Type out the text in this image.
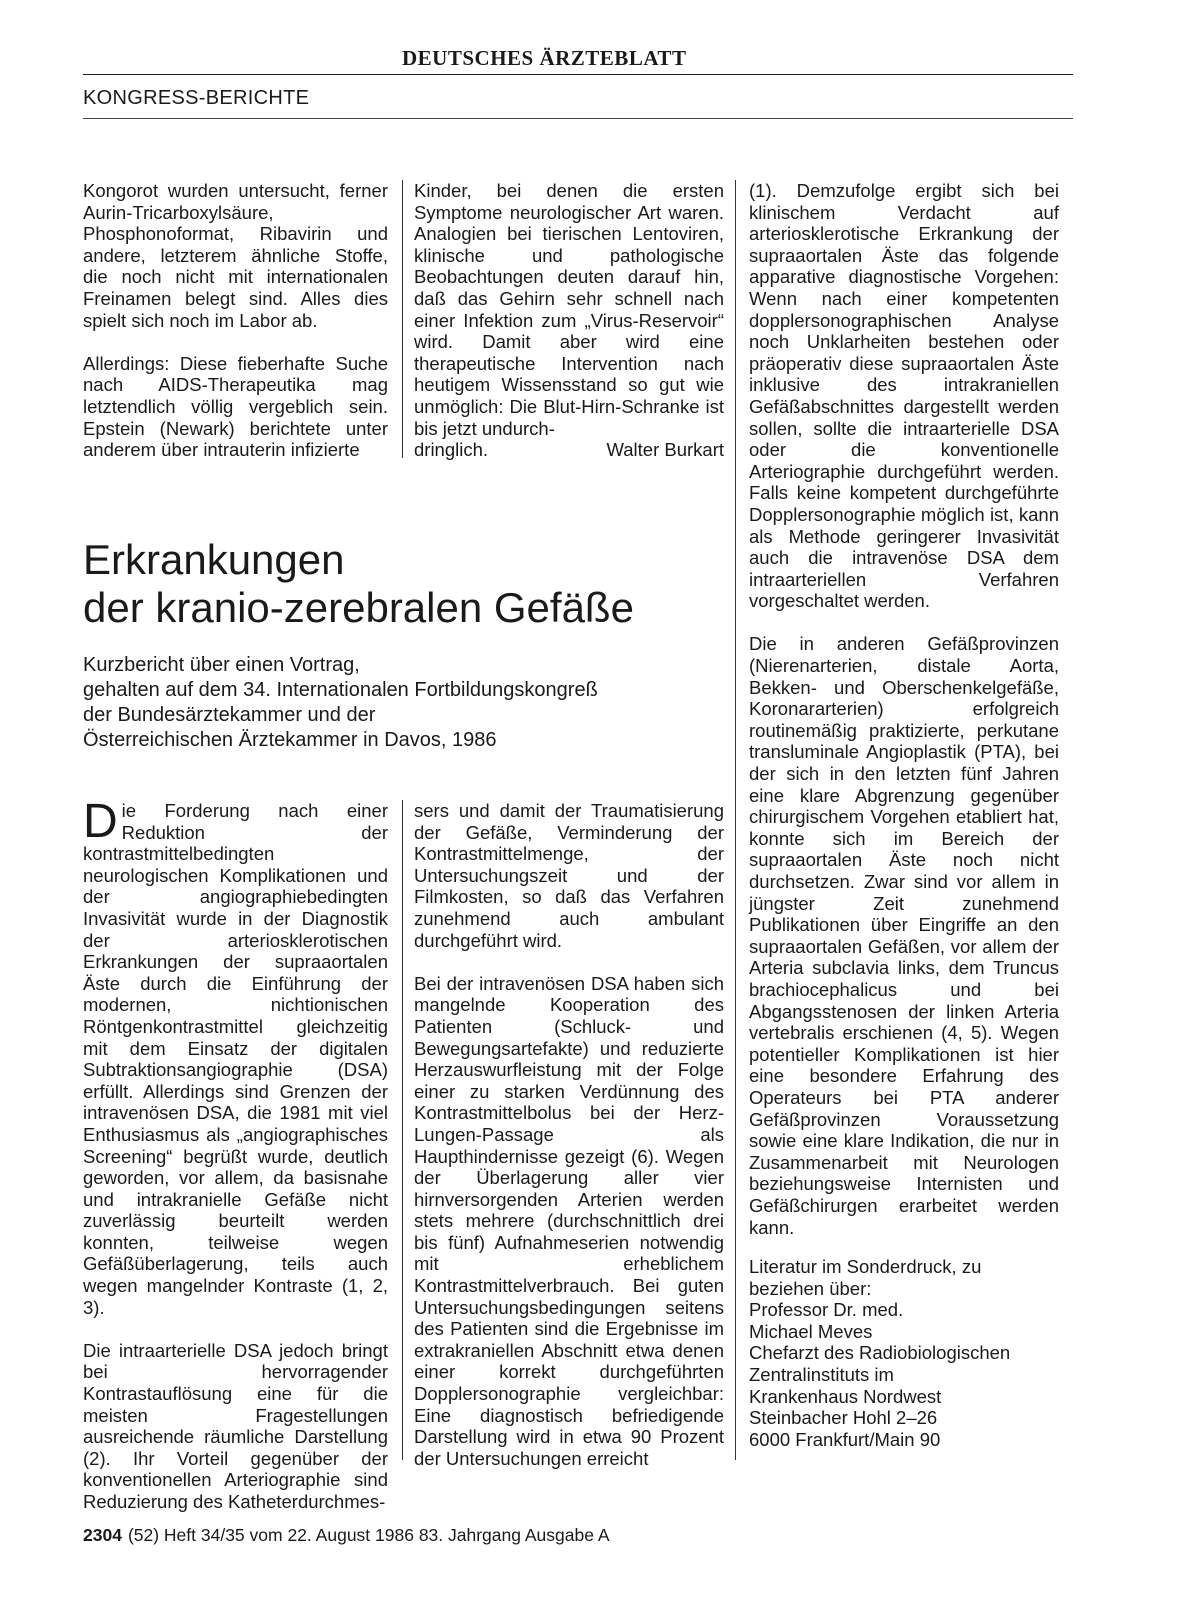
DEUTSCHES ÄRZTEBLATT
KONGRESS-BERICHTE

Kongorot wurden untersucht, ferner Aurin-Tricarboxylsäure, Phosphonoformat, Ribavirin und andere, letzterem ähnliche Stoffe, die noch nicht mit internationalen Freinamen belegt sind. Alles dies spielt sich noch im Labor ab.

Allerdings: Diese fieberhafte Suche nach AIDS-Therapeutika mag letztendlich völlig vergeblich sein. Epstein (Newark) berichtete unter anderem über intrauterin infizierte

Kinder, bei denen die ersten Symptome neurologischer Art waren. Analogien bei tierischen Lentoviren, klinische und pathologische Beobachtungen deuten darauf hin, daß das Gehirn sehr schnell nach einer Infektion zum „Virus-Reservoir“ wird. Damit aber wird eine therapeutische Intervention nach heutigem Wissensstand so gut wie unmöglich: Die Blut-Hirn-Schranke ist bis jetzt undurch-

dringlich.	Walter Burkart
Erkrankungen
der kranio-zerebralen Gefäße
Kurzbericht über einen Vortrag,
gehalten auf dem 34. Internationalen Fortbildungskongreß
der Bundesärztekammer und der
Österreichischen Ärztekammer in Davos, 1986

Die Forderung nach einer Reduktion der kontrastmittelbedingten neurologischen Komplikationen und der angiographiebedingten Invasivität wurde in der Diagnostik der arteriosklerotischen Erkrankungen der supraaortalen Äste durch die Einführung der modernen, nichtionischen Röntgenkontrastmittel gleichzeitig mit dem Einsatz der digitalen Subtraktionsangiographie (DSA) erfüllt. Allerdings sind Grenzen der intravenösen DSA, die 1981 mit viel Enthusiasmus als „angiographisches Screening“ begrüßt wurde, deutlich geworden, vor allem, da basisnahe und intrakranielle Gefäße nicht zuverlässig beurteilt werden konnten, teilweise wegen Gefäßüberlagerung, teils auch wegen mangelnder Kontraste (1, 2, 3).

Die intraarterielle DSA jedoch bringt bei hervorragender Kontrastauflösung eine für die meisten Fragestellungen ausreichende räumliche Darstellung (2). Ihr Vorteil gegenüber der konventionellen Arteriographie sind Reduzierung des Katheterdurchmes-

sers und damit der Traumatisierung der Gefäße, Verminderung der Kontrastmittelmenge, der Untersuchungszeit und der Filmkosten, so daß das Verfahren zunehmend auch ambulant durchgeführt wird.

Bei der intravenösen DSA haben sich mangelnde Kooperation des Patienten (Schluck- und Bewegungsartefakte) und reduzierte Herzauswurfleistung mit der Folge einer zu starken Verdünnung des Kontrastmittelbolus bei der Herz-Lungen-Passage als Haupthindernisse gezeigt (6). Wegen der Überlagerung aller vier hirnversorgenden Arterien werden stets mehrere (durchschnittlich drei bis fünf) Aufnahmeserien notwendig mit erheblichem Kontrastmittelverbrauch. Bei guten Untersuchungsbedingungen seitens des Patienten sind die Ergebnisse im extrakraniellen Abschnitt etwa denen einer korrekt durchgeführten Dopplersonographie vergleichbar: Eine diagnostisch befriedigende Darstellung wird in etwa 90 Prozent der Untersuchungen erreicht

(1). Demzufolge ergibt sich bei klinischem Verdacht auf arteriosklerotische Erkrankung der supraaortalen Äste das folgende apparative diagnostische Vorgehen: Wenn nach einer kompetenten dopplersonographischen Analyse noch Unklarheiten bestehen oder präoperativ diese supraaortalen Äste inklusive des intrakraniellen Gefäßabschnittes dargestellt werden sollen, sollte die intraarterielle DSA oder die konventionelle Arteriographie durchgeführt werden. Falls keine kompetent durchgeführte Dopplersonographie möglich ist, kann als Methode geringerer Invasivität auch die intravenöse DSA dem intraarteriellen Verfahren vorgeschaltet werden.

Die in anderen Gefäßprovinzen (Nierenarterien, distale Aorta, Bekken- und Oberschenkelgefäße, Koronararterien) erfolgreich routinemäßig praktizierte, perkutane transluminale Angioplastik (PTA), bei der sich in den letzten fünf Jahren eine klare Abgrenzung gegenüber chirurgischem Vorgehen etabliert hat, konnte sich im Bereich der supraaortalen Äste noch nicht durchsetzen. Zwar sind vor allem in jüngster Zeit zunehmend Publikationen über Eingriffe an den supraaortalen Gefäßen, vor allem der Arteria subclavia links, dem Truncus brachiocephalicus und bei Abgangsstenosen der linken Arteria vertebralis erschienen (4, 5). Wegen potentieller Komplikationen ist hier eine besondere Erfahrung des Operateurs bei PTA anderer Gefäßprovinzen Voraussetzung sowie eine klare Indikation, die nur in Zusammenarbeit mit Neurologen beziehungsweise Internisten und Gefäßchirurgen erarbeitet werden kann.

Literatur im Sonderdruck, zu beziehen über:

Professor Dr. med.
Michael Meves
Chefarzt des Radiobiologischen
Zentralinstituts im
Krankenhaus Nordwest
Steinbacher Hohl 2–26
6000 Frankfurt/Main 90
2304 (52) Heft 34/35 vom 22. August 1986 83. Jahrgang Ausgabe A
